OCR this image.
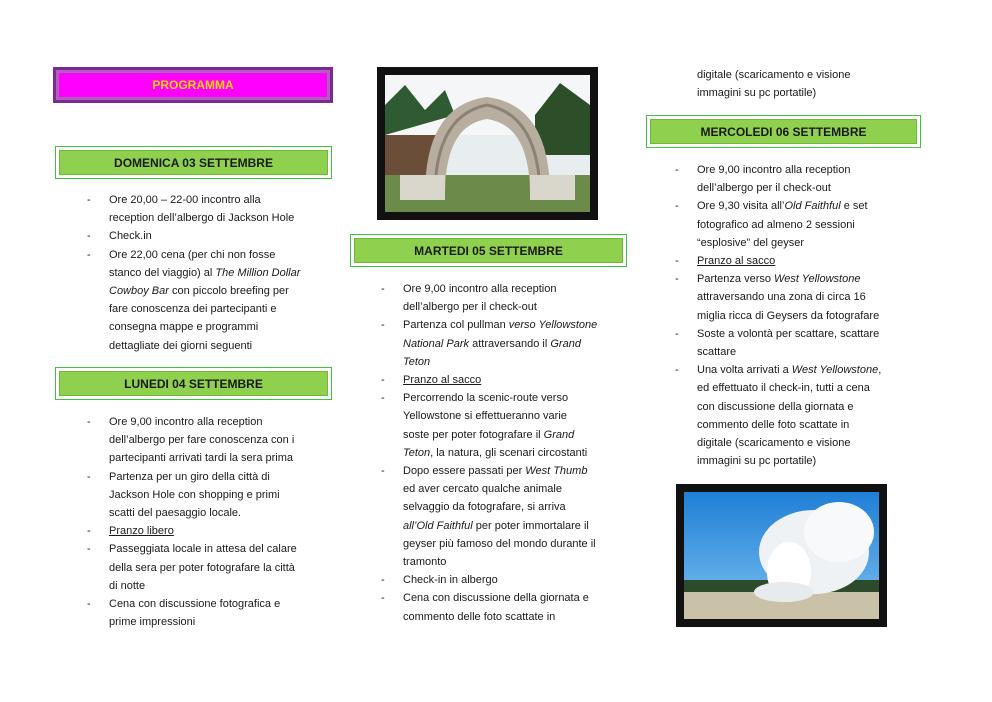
PROGRAMMA
DOMENICA 03 SETTEMBRE
- Ore 20,00 – 22-00 incontro alla
reception dell’albergo di Jackson Hole
- Check.in
- Ore 22,00 cena (per chi non fosse
stanco del viaggio) al The Million Dollar
Cowboy Bar con piccolo breefing per
fare conoscenza dei partecipanti e
consegna mappe e programmi
dettagliate dei giorni seguenti
LUNEDI 04 SETTEMBRE
- Ore 9,00 incontro alla reception
dell’albergo per fare conoscenza con i
partecipanti arrivati tardi la sera prima
- Partenza per un giro della città di
Jackson Hole con shopping e primi
scatti del paesaggio locale.
- Pranzo libero
- Passeggiata locale in attesa del calare
della sera per poter fotografare la città
di notte
- Cena con discussione fotografica e
prime impressioni
MARTEDI 05 SETTEMBRE
- Ore 9,00 incontro alla reception
dell’albergo per il check-out
- Partenza col pullman verso Yellowstone
National Park attraversando il Grand
Teton
- Pranzo al sacco
- Percorrendo la scenic-route verso
Yellowstone si effettueranno varie
soste per poter fotografare il Grand
Teton, la natura, gli scenari circostanti
- Dopo essere passati per West Thumb
ed aver cercato qualche animale
selvaggio da fotografare, si arriva
all’Old Faithful per poter immortalare il
geyser più famoso del mondo durante il
tramonto
- Check-in in albergo
- Cena con discussione della giornata e
commento delle foto scattate in
digitale (scaricamento e visione
immagini su pc portatile)
MERCOLEDI 06 SETTEMBRE
- Ore 9,00 incontro alla reception
dell’albergo per il check-out
- Ore 9,30 visita all’Old Faithful e set
fotografico ad almeno 2 sessioni
“esplosive” del geyser
- Pranzo al sacco
- Partenza verso West Yellowstone
attraversando una zona di circa 16
miglia ricca di Geysers da fotografare
- Soste a volontà per scattare, scattare
scattare
- Una volta arrivati a West Yellowstone,
ed effettuato il check-in, tutti a cena
con discussione della giornata e
commento delle foto scattate in
digitale (scaricamento e visione
immagini su pc portatile)
